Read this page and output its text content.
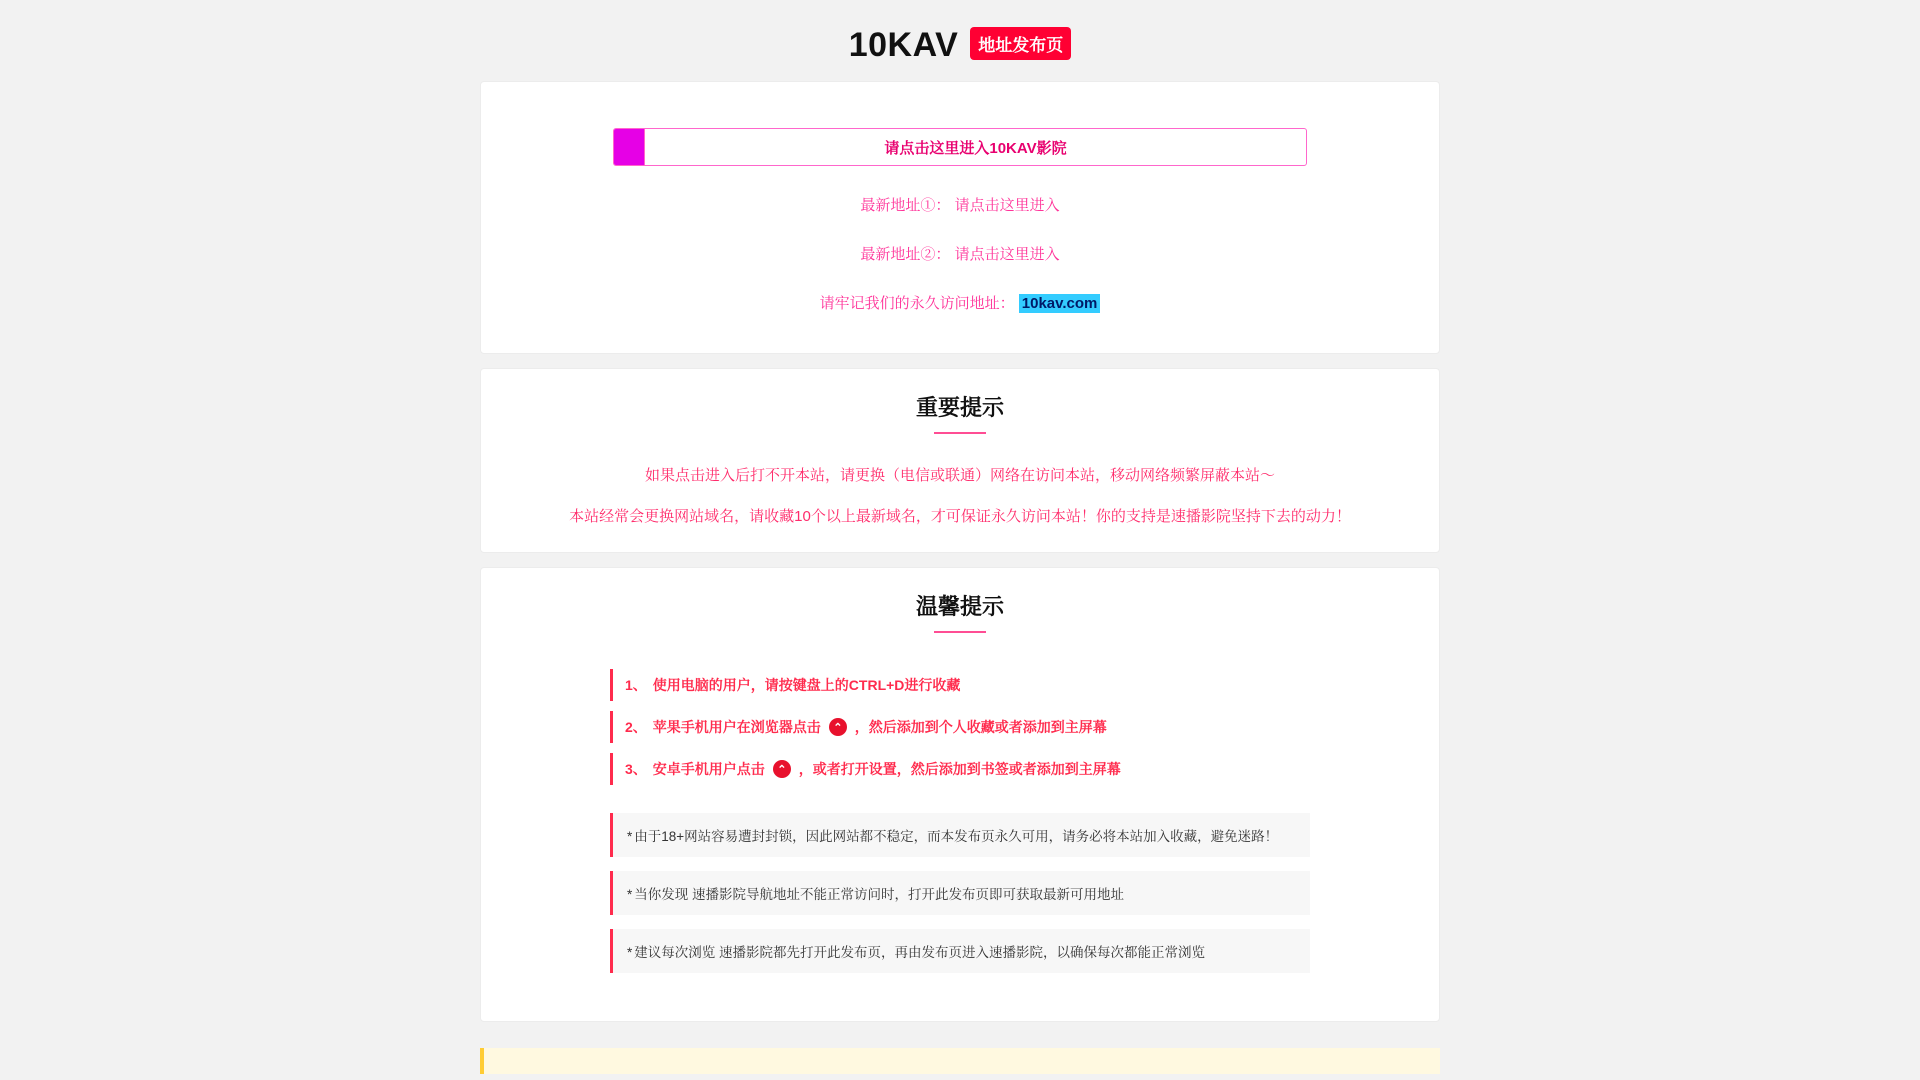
10KAV 地址发布页
请点击这里进入10KAV影院
最新地址①： 请点击这里进入
最新地址②： 请点击这里进入
请牢记我们的永久访问地址： 10kav.com
重要提示
如果点击进入后打不开本站，请更换（电信或联通）网络在访问本站，移动网络频繁屏蔽本站～
本站经常会更换网站域名，请收藏10个以上最新域名，才可保证永久访问本站！你的支持是速播影院坚持下去的动力！
温馨提示
1、 使用电脑的用户，请按键盘上的CTRL+D进行收藏
2、 苹果手机用户在浏览器点击	⌃ ，然后添加到个人收藏或者添加到主屏幕
3、 安卓手机用户点击	⌃ ，或者打开设置，然后添加到书签或者添加到主屏幕
* 由于18+网站容易遭封封锁，因此网站都不稳定，而本发布页永久可用，请务必将本站加入收藏，避免迷路！
* 当你发现 速播影院导航地址不能正常访问时，打开此发布页即可获取最新可用地址
* 建议每次浏览 速播影院都先打开此发布页，再由发布页进入速播影院，以确保每次都能正常浏览
